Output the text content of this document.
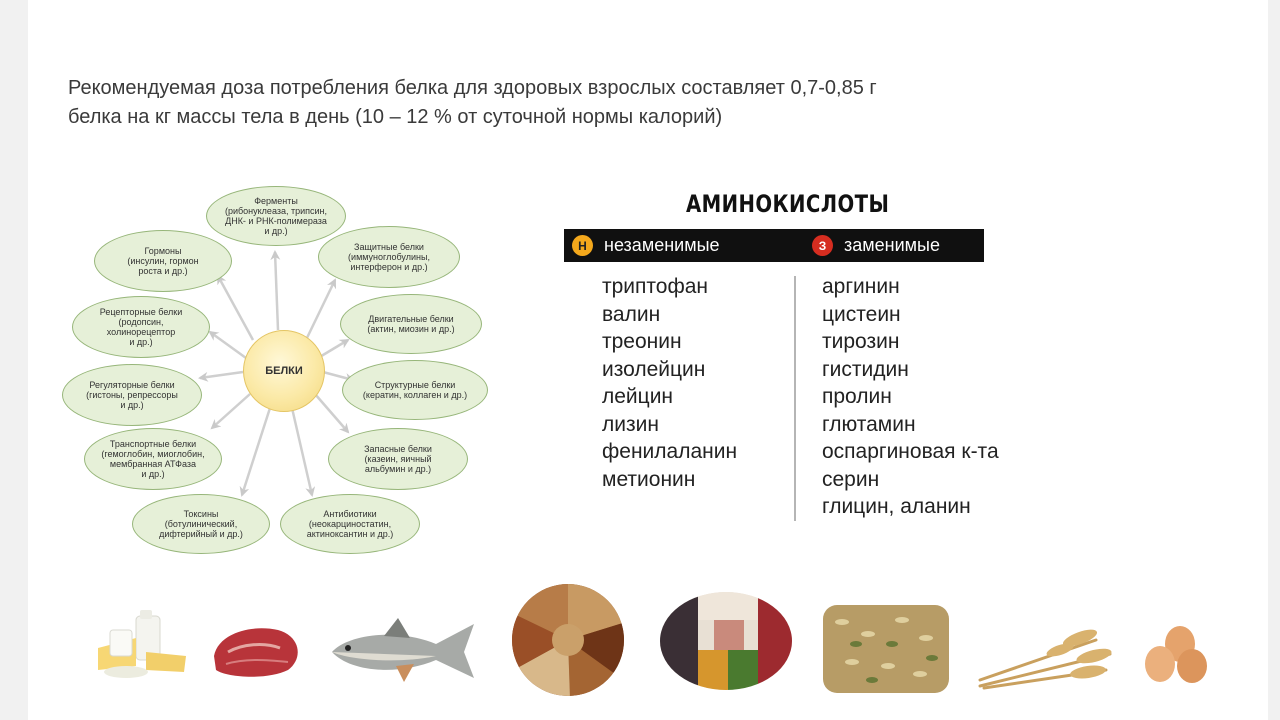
Рекомендуемая доза потребления белка для здоровых взрослых составляет 0,7-0,85 г
белка на кг массы тела в день (10 – 12 % от суточной нормы калорий)
Ферменты
(рибонуклеаза, трипсин,
ДНК- и РНК-полимераза
и др.)
Гормоны
(инсулин, гормон
роста и др.)
Защитные белки
(иммуноглобулины,
интерферон и др.)
Рецепторные белки
(родопсин,
холинорецептор
и др.)
Двигательные белки
(актин, миозин и др.)
Регуляторные белки
(гистоны, репрессоры
и др.)
Структурные белки
(кератин, коллаген и др.)
Транспортные белки
(гемоглобин, миоглобин,
мембранная АТФаза
и др.)
Запасные белки
(казеин, яичный
альбумин и др.)
Токсины
(ботулинический,
дифтерийный и др.)
Антибиотики
(неокарциностатин,
актиноксантин и др.)
БЕЛКИ
АМИНОКИСЛОТЫ
Н незаменимые	З заменимые
триптофан
валин
треонин
изолейцин
лейцин
лизин
фенилаланин
метионин
аргинин
цистеин
тирозин
гистидин
пролин
глютамин
оспаргиновая к-та
серин
глицин, аланин
